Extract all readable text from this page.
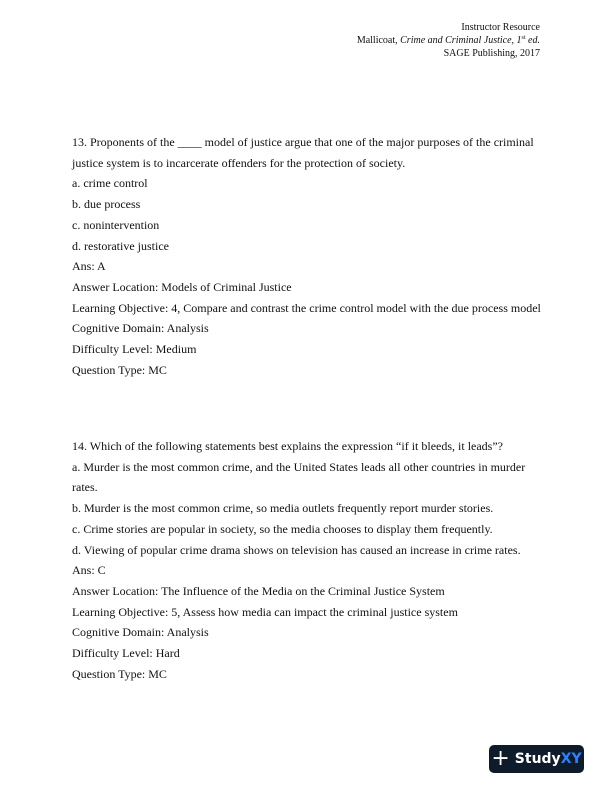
Instructor Resource
Mallicoat, Crime and Criminal Justice, 1st ed.
SAGE Publishing, 2017

13. Proponents of the ____ model of justice argue that one of the major purposes of the criminal justice system is to incarcerate offenders for the protection of society.

a. crime control

b. due process

c. nonintervention

d. restorative justice

Ans: A

Answer Location: Models of Criminal Justice

Learning Objective: 4, Compare and contrast the crime control model with the due process model

Cognitive Domain: Analysis

Difficulty Level: Medium

Question Type: MC

14. Which of the following statements best explains the expression “if it bleeds, it leads”?

a. Murder is the most common crime, and the United States leads all other countries in murder rates.

b. Murder is the most common crime, so media outlets frequently report murder stories.

c. Crime stories are popular in society, so the media chooses to display them frequently.

d. Viewing of popular crime drama shows on television has caused an increase in crime rates.

Ans: C

Answer Location: The Influence of the Media on the Criminal Justice System

Learning Objective: 5, Assess how media can impact the criminal justice system

Cognitive Domain: Analysis

Difficulty Level: Hard

Question Type: MC

+ Study XY
